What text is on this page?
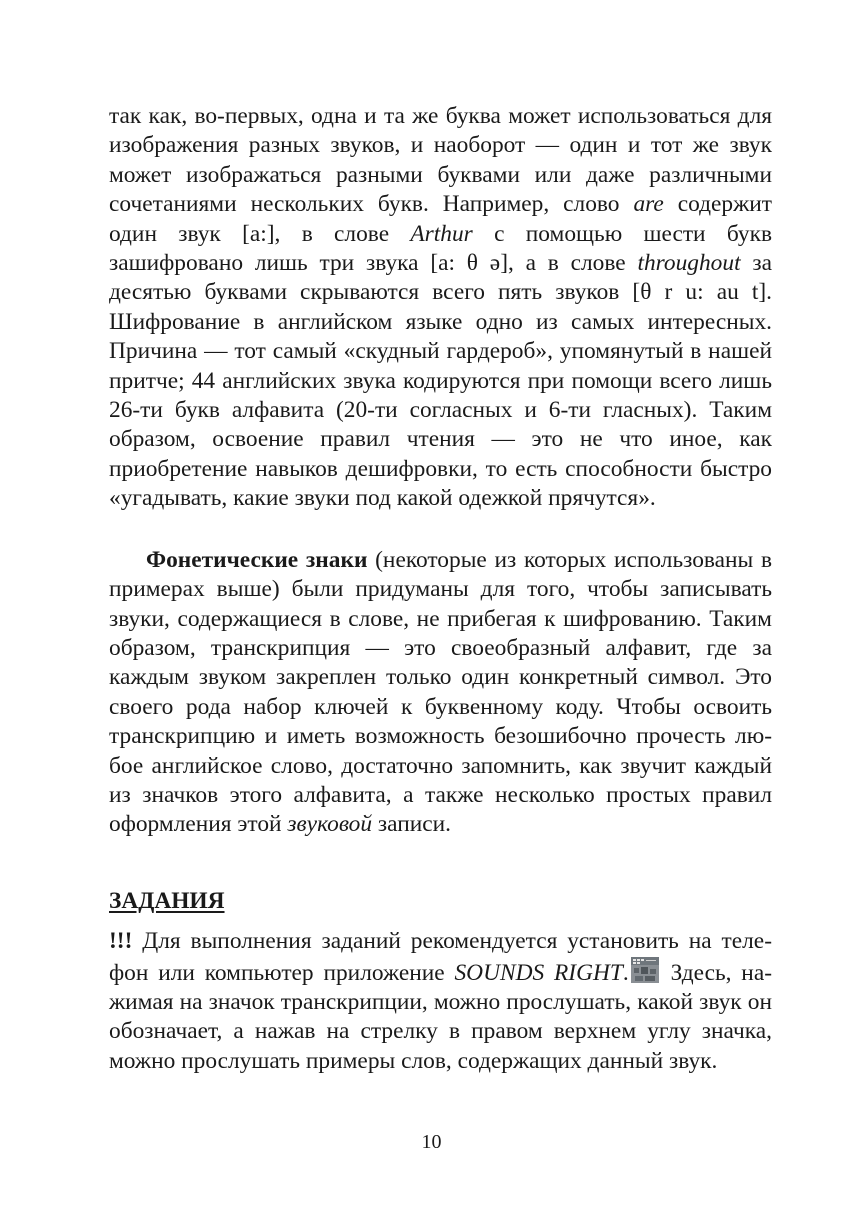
так как, во-первых, одна и та же буква может использоваться для изображения разных звуков, и наоборот — один и тот же звук может изображаться разными буквами или даже различными сочетаниями нескольких букв. Например, слово are содержит один звук [a:], в слове Arthur с помощью шести букв зашифровано лишь три звука [a: θ ə], а в слове throughout за десятью буквами скрываются всего пять звуков [θ r u: au t]. Шифрование в английском языке одно из самых интересных. Причина — тот самый «скудный гардероб», упомянутый в нашей притче; 44 английских звука кодируются при помощи всего лишь 26-ти букв алфавита (20-ти согласных и 6-ти гласных). Таким образом, освоение правил чтения — это не что иное, как приобретение навыков дешифровки, то есть способности быстро «угадывать, какие звуки под какой одежкой прячутся».

Фонетические знаки (некоторые из которых использованы в примерах выше) были придуманы для того, чтобы записывать звуки, содержащиеся в слове, не прибегая к шифрованию. Таким образом, транскрипция — это своеобразный алфавит, где за каждым звуком закреплен только один конкретный символ. Это своего рода набор ключей к буквенному коду. Чтобы освоить транскрипцию и иметь возможность безошибочно прочесть любое английское слово, достаточно запомнить, как звучит каждый из значков этого алфавита, а также несколько простых правил оформления этой звуковой записи.

ЗАДАНИЯ

!!! Для выполнения заданий рекомендуется установить на телефон или компьютер приложение SOUNDS RIGHT. Здесь, нажимая на значок транскрипции, можно прослушать, какой звук он обозначает, а нажав на стрелку в правом верхнем углу значка, можно прослушать примеры слов, содержащих данный звук.

10
